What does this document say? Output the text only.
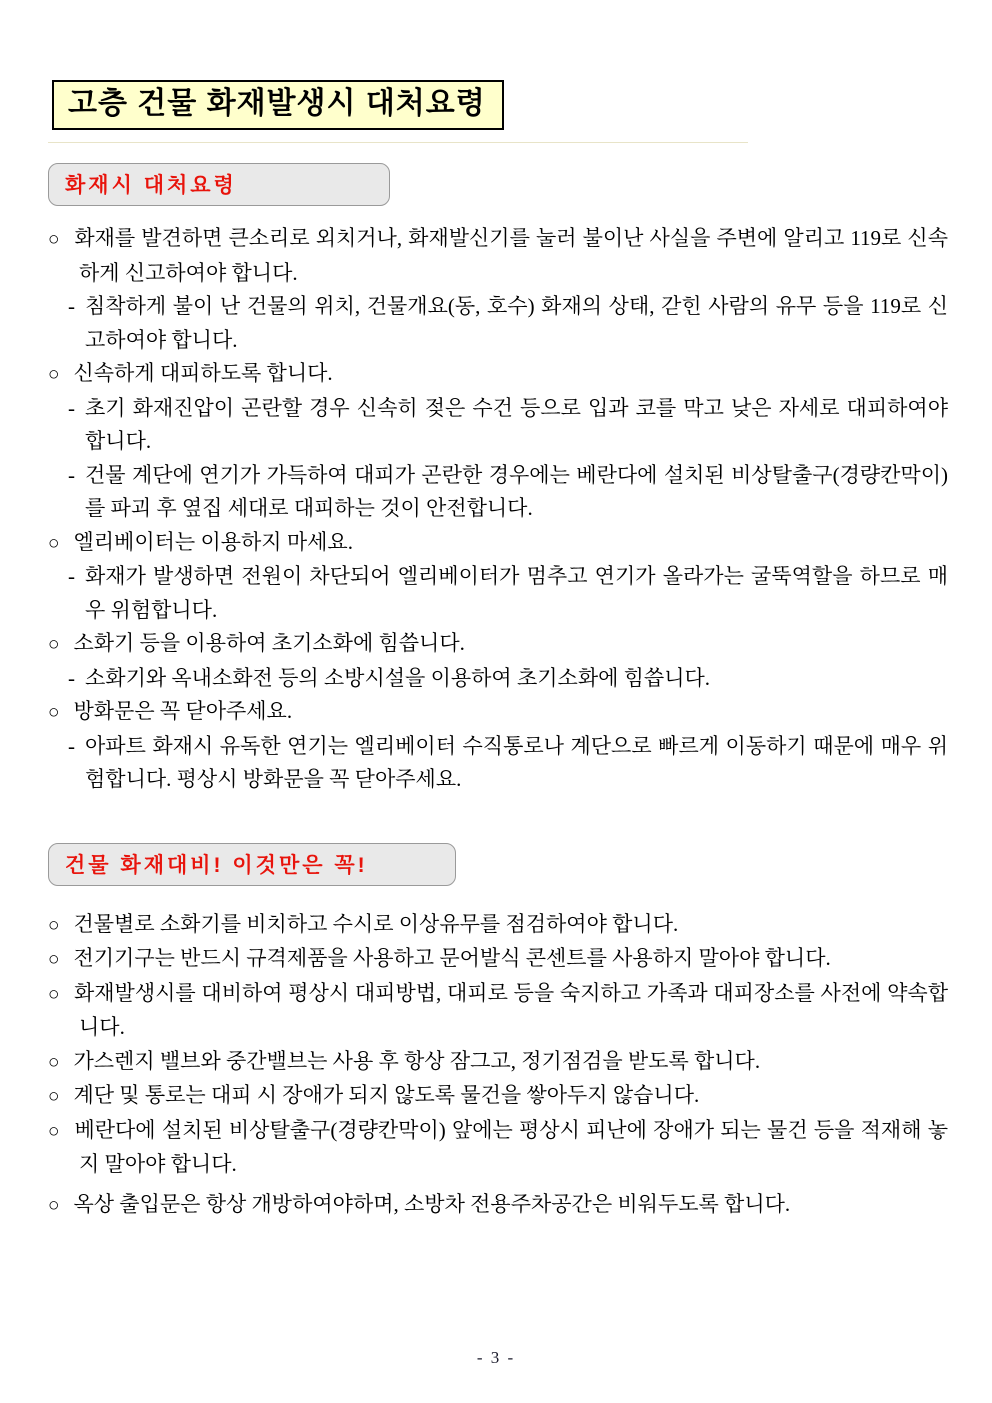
고층 건물 화재발생시 대처요령
화재시 대처요령
○ 화재를 발견하면 큰소리로 외치거나, 화재발신기를 눌러 불이난 사실을 주변에 알리고 119로 신속하게 신고하여야 합니다.
- 침착하게 불이 난 건물의 위치, 건물개요(동, 호수) 화재의 상태, 갇힌 사람의 유무 등을 119로 신고하여야 합니다.
○ 신속하게 대피하도록 합니다.
- 초기 화재진압이 곤란할 경우 신속히 젖은 수건 등으로 입과 코를 막고 낮은 자세로 대피하여야 합니다.
- 건물 계단에 연기가 가득하여 대피가 곤란한 경우에는 베란다에 설치된 비상탈출구(경량칸막이)를 파괴 후 옆집 세대로 대피하는 것이 안전합니다.
○ 엘리베이터는 이용하지 마세요.
- 화재가 발생하면 전원이 차단되어 엘리베이터가 멈추고 연기가 올라가는 굴뚝역할을 하므로 매우 위험합니다.
○ 소화기 등을 이용하여 초기소화에 힘씁니다.
- 소화기와 옥내소화전 등의 소방시설을 이용하여 초기소화에 힘씁니다.
○ 방화문은 꼭 닫아주세요.
- 아파트 화재시 유독한 연기는 엘리베이터 수직통로나 계단으로 빠르게 이동하기 때문에 매우 위험합니다. 평상시 방화문을 꼭 닫아주세요.
건물 화재대비! 이것만은 꼭!
○ 건물별로 소화기를 비치하고 수시로 이상유무를 점검하여야 합니다.
○ 전기기구는 반드시 규격제품을 사용하고 문어발식 콘센트를 사용하지 말아야 합니다.
○ 화재발생시를 대비하여 평상시 대피방법, 대피로 등을 숙지하고 가족과 대피장소를 사전에 약속합니다.
○ 가스렌지 밸브와 중간밸브는 사용 후 항상 잠그고, 정기점검을 받도록 합니다.
○ 계단 및 통로는 대피 시 장애가 되지 않도록 물건을 쌓아두지 않습니다.
○ 베란다에 설치된 비상탈출구(경량칸막이) 앞에는 평상시 피난에 장애가 되는 물건 등을 적재해 놓지 말아야 합니다.
○ 옥상 출입문은 항상 개방하여야하며, 소방차 전용주차공간은 비워두도록 합니다.
- 3 -
